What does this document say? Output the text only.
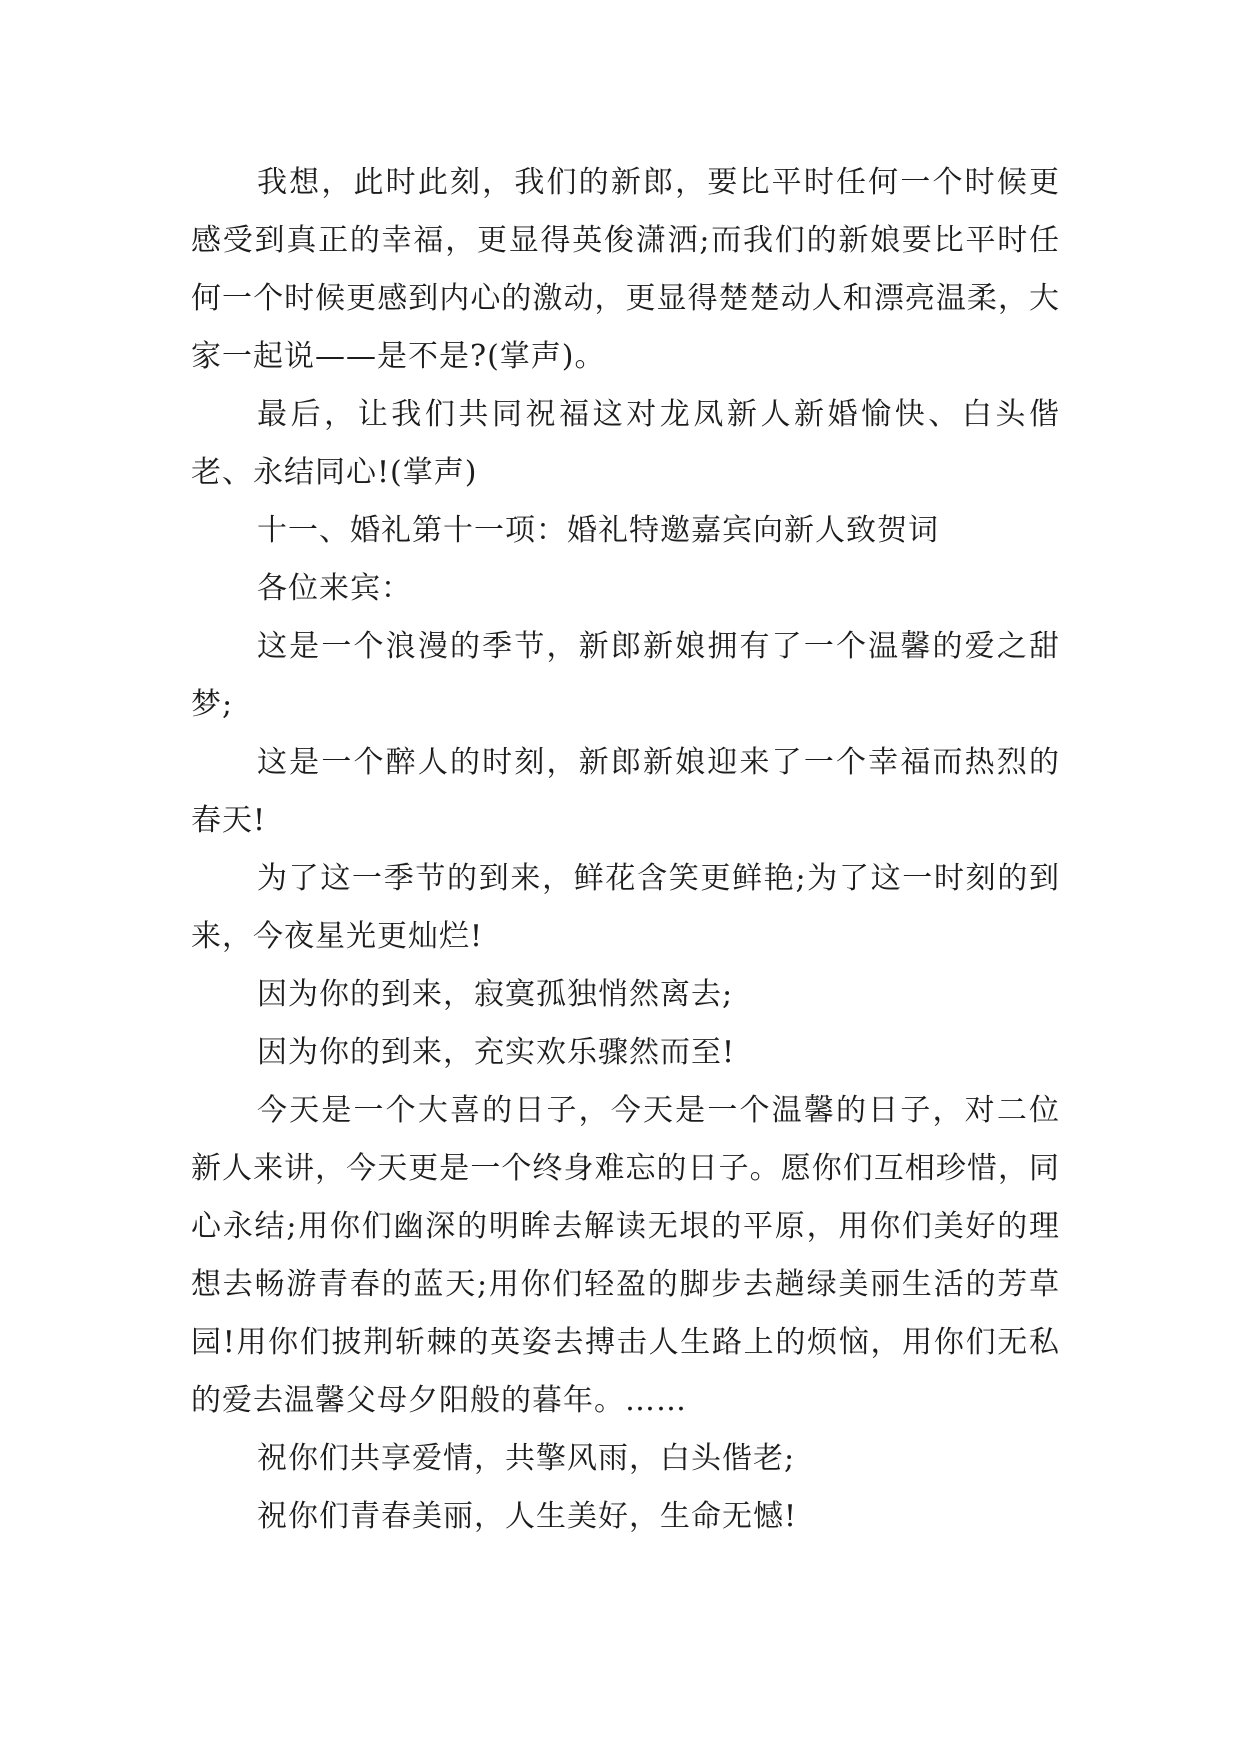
我想，此时此刻，我们的新郎，要比平时任何一个时候更感受到真正的幸福，更显得英俊潇洒;而我们的新娘要比平时任何一个时候更感到内心的激动，更显得楚楚动人和漂亮温柔，大家一起说——是不是?(掌声)。

最后，让我们共同祝福这对龙凤新人新婚愉快、白头偕老、永结同心!(掌声)

十一、婚礼第十一项：婚礼特邀嘉宾向新人致贺词

各位来宾：

这是一个浪漫的季节，新郎新娘拥有了一个温馨的爱之甜梦;

这是一个醉人的时刻，新郎新娘迎来了一个幸福而热烈的春天!

为了这一季节的到来，鲜花含笑更鲜艳;为了这一时刻的到来，今夜星光更灿烂!

因为你的到来，寂寞孤独悄然离去;

因为你的到来，充实欢乐骤然而至!

今天是一个大喜的日子，今天是一个温馨的日子，对二位新人来讲，今天更是一个终身难忘的日子。愿你们互相珍惜，同心永结;用你们幽深的明眸去解读无垠的平原，用你们美好的理想去畅游青春的蓝天;用你们轻盈的脚步去趟绿美丽生活的芳草园!用你们披荆斩棘的英姿去搏击人生路上的烦恼，用你们无私的爱去温馨父母夕阳般的暮年。……

祝你们共享爱情，共擎风雨，白头偕老;

祝你们青春美丽，人生美好，生命无憾!
